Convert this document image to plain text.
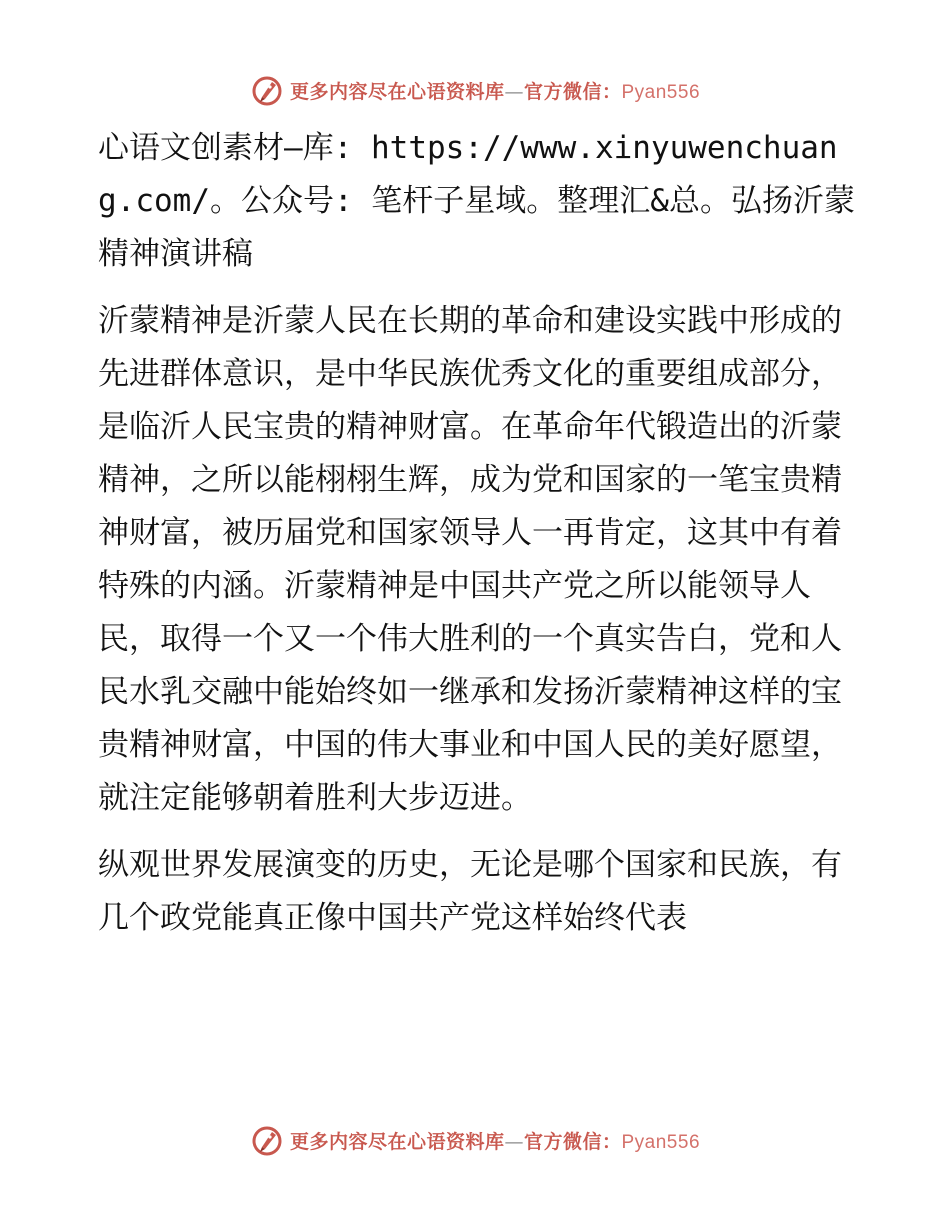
更多内容尽在心语资料库—官方微信：Pyan556

心语文创素材—库: https://www.xinyuwenchuang.com/。公众号: 笔杆子星域。整理汇&总。弘扬沂蒙精神演讲稿

沂蒙精神是沂蒙人民在长期的革命和建设实践中形成的先进群体意识，是中华民族优秀文化的重要组成部分，是临沂人民宝贵的精神财富。在革命年代锻造出的沂蒙精神，之所以能栩栩生辉，成为党和国家的一笔宝贵精神财富，被历届党和国家领导人一再肯定，这其中有着特殊的内涵。沂蒙精神是中国共产党之所以能领导人民，取得一个又一个伟大胜利的一个真实告白，党和人民水乳交融中能始终如一继承和发扬沂蒙精神这样的宝贵精神财富，中国的伟大事业和中国人民的美好愿望，就注定能够朝着胜利大步迈进。

纵观世界发展演变的历史，无论是哪个国家和民族，有几个政党能真正像中国共产党这样始终代表

更多内容尽在心语资料库—官方微信：Pyan556
